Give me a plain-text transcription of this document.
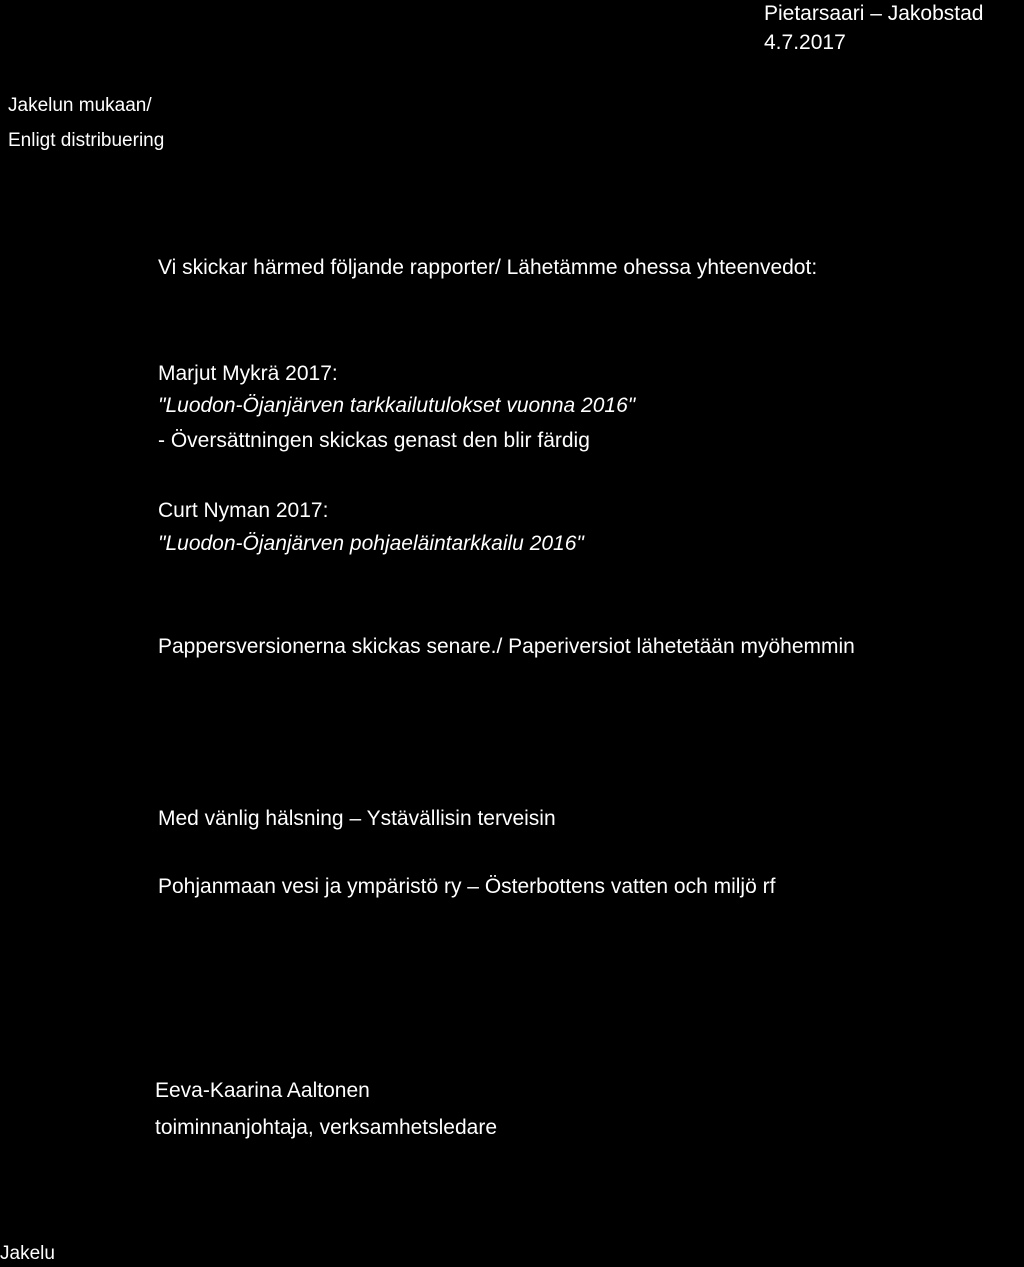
Pietarsaari – Jakobstad
4.7.2017
Jakelun mukaan/
Enligt distribuering
Vi skickar härmed följande rapporter/ Lähetämme ohessa yhteenvedot:
Marjut Mykrä 2017:
"Luodon-Öjanjärven tarkkailutulokset vuonna 2016"
- Översättningen skickas genast den blir färdig
Curt Nyman 2017:
"Luodon-Öjanjärven pohjaeläintarkkailu 2016"
Pappersversionerna skickas senare./ Paperiversiot lähetetään myöhemmin
Med vänlig hälsning – Ystävällisin terveisin
Pohjanmaan vesi ja ympäristö ry – Österbottens vatten och miljö rf
Eeva-Kaarina Aaltonen
toiminnanjohtaja, verksamhetsledare
Jakelu
